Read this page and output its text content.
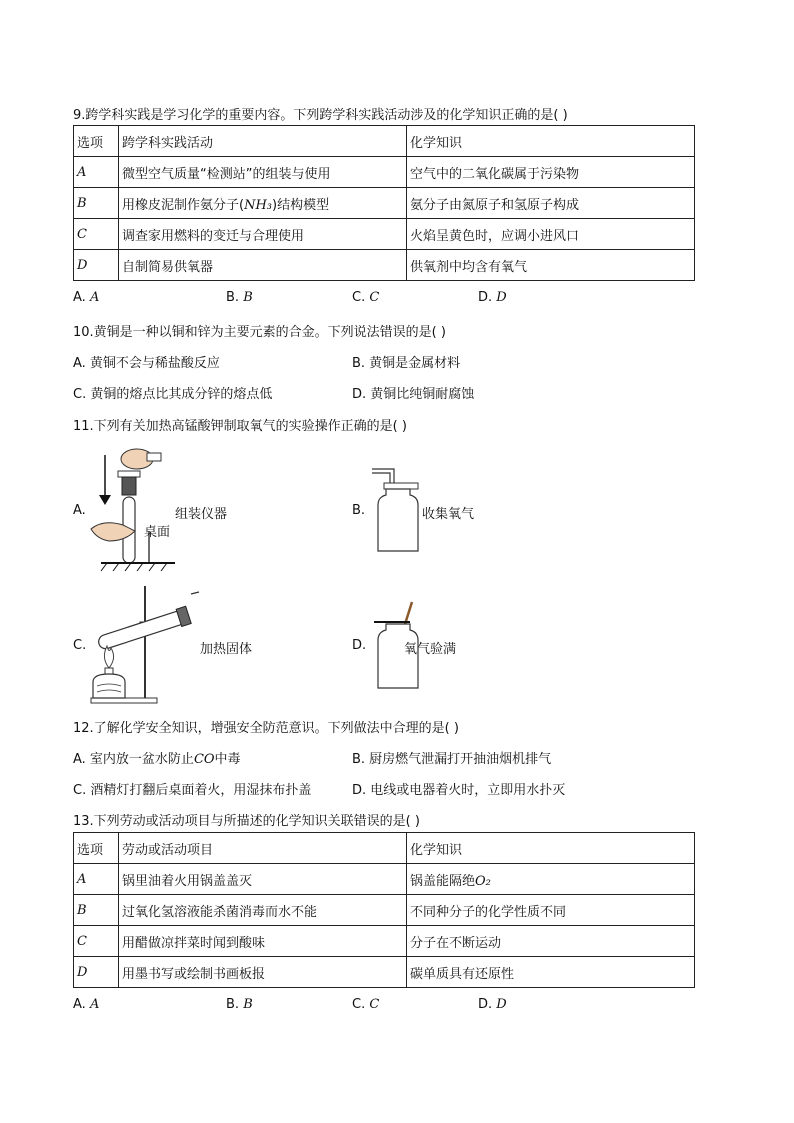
9.跨学科实践是学习化学的重要内容。下列跨学科实践活动涉及的化学知识正确的是( )
选项	跨学科实践活动	化学知识
A	微型空气质量“检测站”的组装与使用	空气中的二氧化碳属于污染物
B	用橡皮泥制作氨分子(NH₃)结构模型	氨分子由氮原子和氢原子构成
C	调查家用燃料的变迁与合理使用	火焰呈黄色时，应调小进风口
D	自制简易供氧器	供氧剂中均含有氧气
A. A	B. B	C. C	D. D
10.黄铜是一种以铜和锌为主要元素的合金。下列说法错误的是( )
A. 黄铜不会与稀盐酸反应	B. 黄铜是金属材料
C. 黄铜的熔点比其成分锌的熔点低	D. 黄铜比纯铜耐腐蚀
11.下列有关加热高锰酸钾制取氧气的实验操作正确的是( )
A.
桌面
组装仪器	B.	收集氧气
C.	加热固体	D.	氧气验满
12.了解化学安全知识，增强安全防范意识。下列做法中合理的是( )
A. 室内放一盆水防止CO中毒	B. 厨房燃气泄漏打开抽油烟机排气
C. 酒精灯打翻后桌面着火，用湿抹布扑盖	D. 电线或电器着火时，立即用水扑灭
13.下列劳动或活动项目与所描述的化学知识关联错误的是( )
选项	劳动或活动项目	化学知识
A	锅里油着火用锅盖盖灭	锅盖能隔绝O₂
B	过氧化氢溶液能杀菌消毒而水不能	不同种分子的化学性质不同
C	用醋做凉拌菜时闻到酸味	分子在不断运动
D	用墨书写或绘制书画板报	碳单质具有还原性
A. A	B. B	C. C	D. D
